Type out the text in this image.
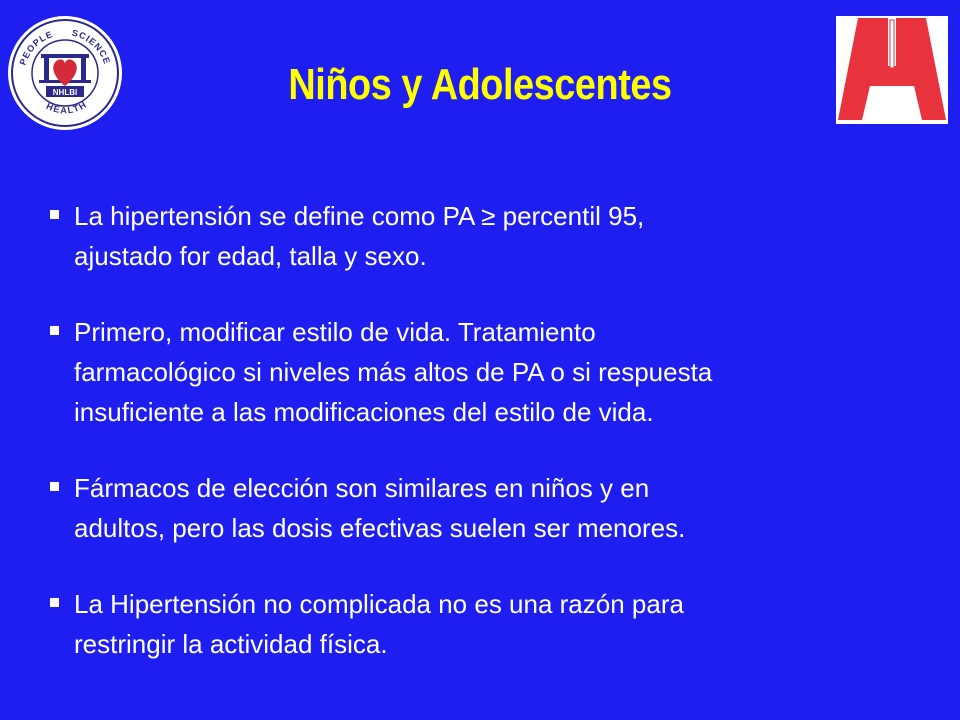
NHLBI
PEOPLE SCIENCE
HEALTH	Niños y Adolescentes
La hipertensión se define como PA ≥ percentil 95,
ajustado for edad, talla y sexo.
Primero, modificar estilo de vida. Tratamiento
farmacológico si niveles más altos de PA o si respuesta
insuficiente a las modificaciones del estilo de vida.
Fármacos de elección son similares en niños y en
adultos, pero las dosis efectivas suelen ser menores.
La Hipertensión no complicada no es una razón para
restringir la actividad física.
